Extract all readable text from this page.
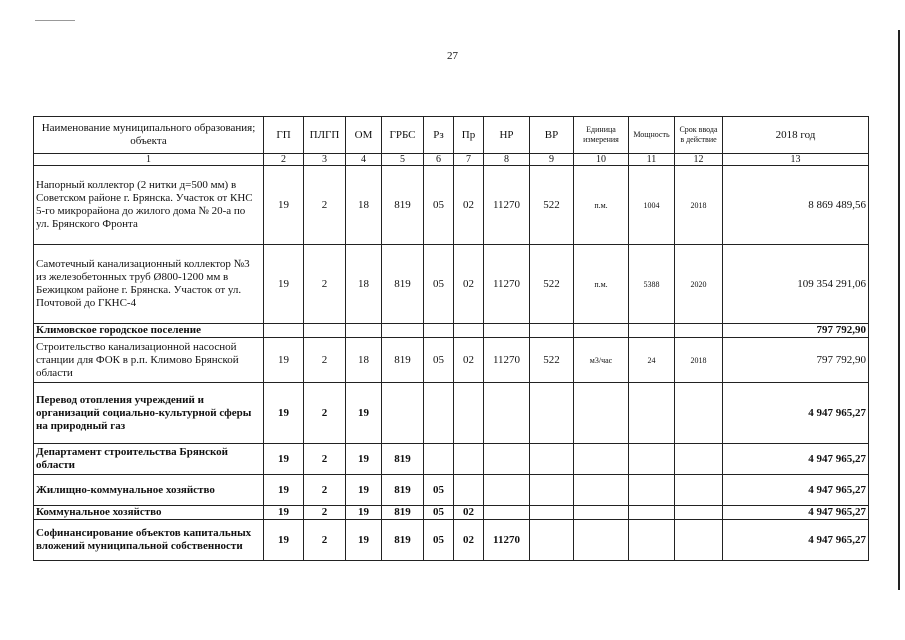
27
Наименование муниципального образования; объекта	ГП	ПЛГП	ОМ	ГРБС	Рз	Пр	НР	ВР	Единица измерения	Мощность	Срок ввода в действие	2018 год
1	2	3	4	5	6	7	8	9	10	11	12	13
Напорный коллектор (2 нитки д=500 мм) в Советском районе г. Брянска. Участок от КНС 5-го микрорайона до жилого дома № 20-а по ул. Брянского Фронта	19	2	18	819	05	02	11270	522	п.м.	1004	2018	8 869 489,56
Самотечный канализационный коллектор №3 из железобетонных труб Ø800-1200 мм в Бежицком районе г. Брянска. Участок от ул. Почтовой до ГКНС-4	19	2	18	819	05	02	11270	522	п.м.	5388	2020	109 354 291,06
Климовское городское поселение												797 792,90
Строительство канализационной насосной станции для ФОК в р.п. Климово Брянской области	19	2	18	819	05	02	11270	522	м3/час	24	2018	797 792,90
Перевод отопления учреждений и организаций социально-культурной сферы на природный газ	19	2	19									4 947 965,27
Департамент строительства Брянской области	19	2	19	819								4 947 965,27
Жилищно-коммунальное хозяйство	19	2	19	819	05							4 947 965,27
Коммунальное хозяйство	19	2	19	819	05	02						4 947 965,27
Софинансирование объектов капитальных вложений муниципальной собственности	19	2	19	819	05	02	11270					4 947 965,27
